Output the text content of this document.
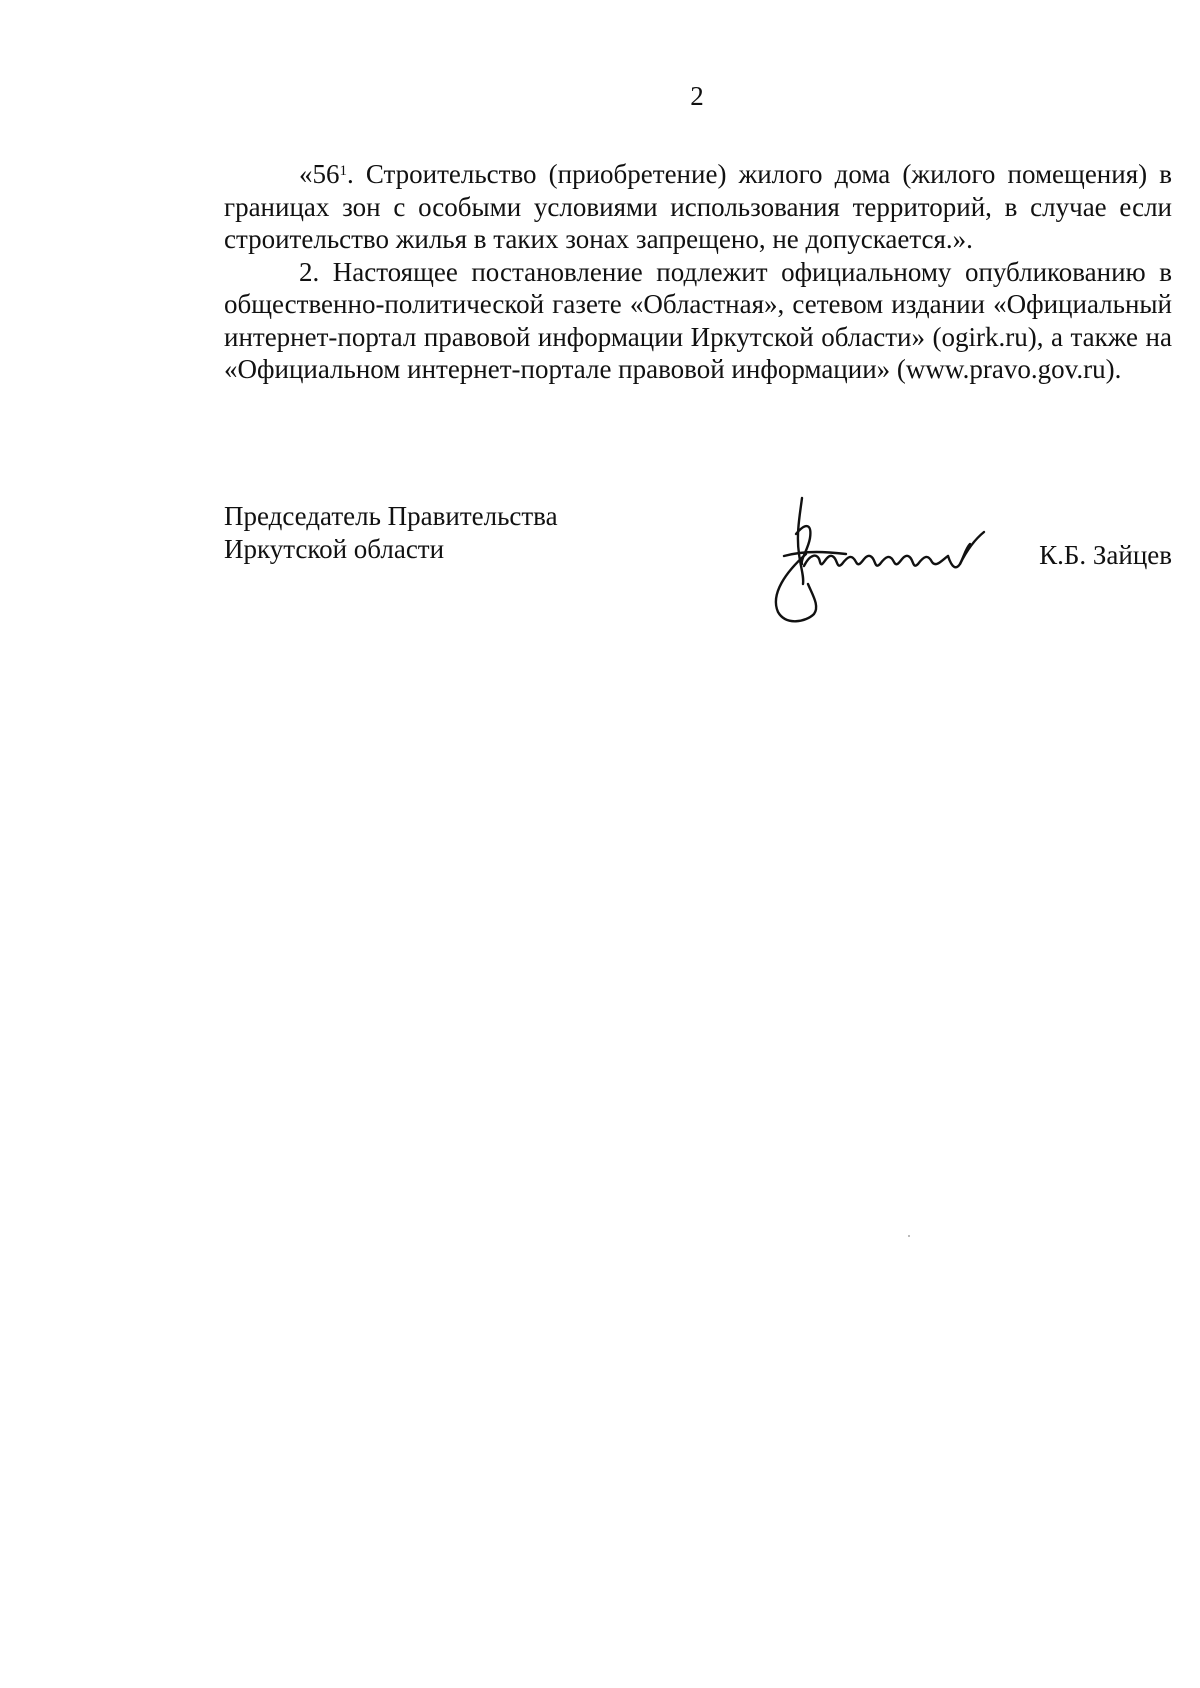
2

«$56^1$. Строительство (приобретение) жилого дома (жилого помещения) в границах зон с особыми условиями использования территорий, в случае если строительство жилья в таких зонах запрещено, не допускается.».

2. Настоящее постановление подлежит официальному опубликованию в общественно-политической газете «Областная», сетевом издании «Официальный интернет-портал правовой информации Иркутской области» (ogirk.ru), а также на «Официальном интернет-портале правовой информации» (www.pravo.gov.ru).

Председатель Правительства
Иркутской области	К.Б. Зайцев
